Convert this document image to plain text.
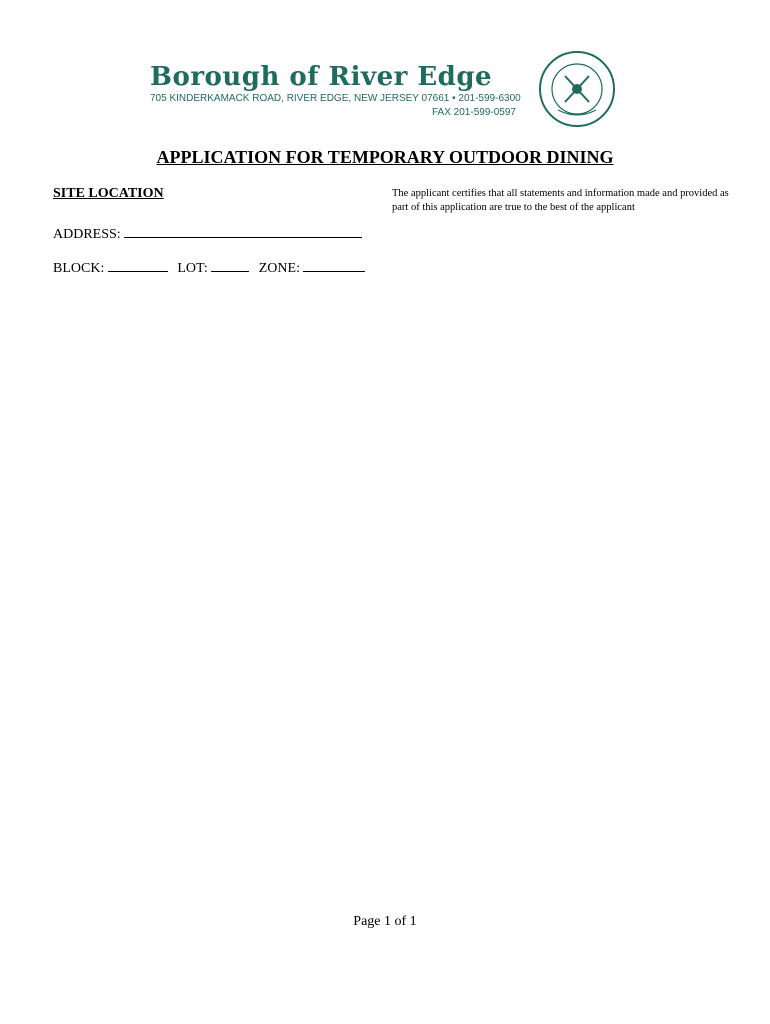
Borough of River Edge
705 KINDERKAMACK ROAD, RIVER EDGE, NEW JERSEY 07661 • 201-599-6300
FAX 201-599-0597
APPLICATION FOR TEMPORARY OUTDOOR DINING
SITE LOCATION	The applicant certifies that all statements and information made and provided as part of this application are true to the best of the applicant
ADDRESS:
BLOCK:	LOT:	ZONE:
Page 1 of 1
